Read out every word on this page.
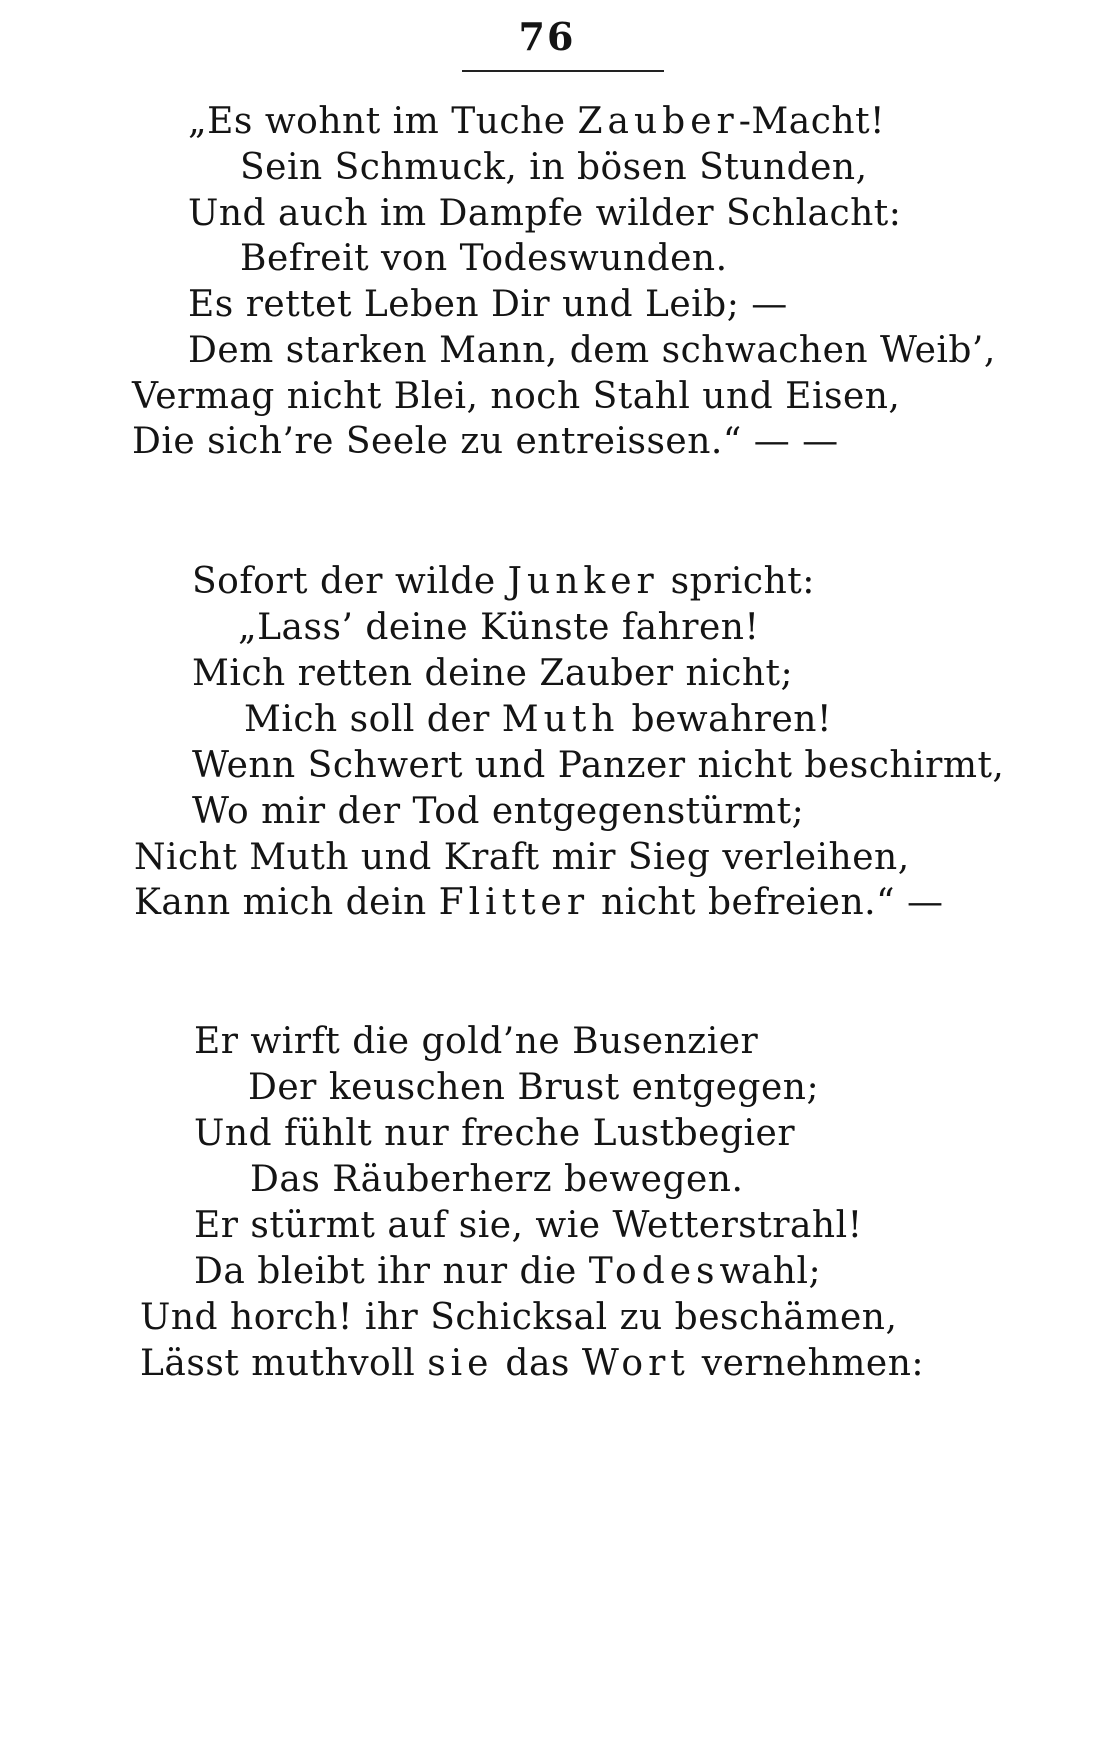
76
„Es wohnt im Tuche Zauber-Macht!
Sein Schmuck, in bösen Stunden,
Und auch im Dampfe wilder Schlacht:
Befreit von Todeswunden.
Es rettet Leben Dir und Leib; —
Dem starken Mann, dem schwachen Weib’,
Vermag nicht Blei, noch Stahl und Eisen,
Die sich’re Seele zu entreissen.“ — —
Sofort der wilde Junker spricht:
„Lass’ deine Künste fahren!
Mich retten deine Zauber nicht;
Mich soll der Muth bewahren!
Wenn Schwert und Panzer nicht beschirmt,
Wo mir der Tod entgegenstürmt;
Nicht Muth und Kraft mir Sieg verleihen,
Kann mich dein Flitter nicht befreien.“ —
Er wirft die gold’ne Busenzier
Der keuschen Brust entgegen;
Und fühlt nur freche Lustbegier
Das Räuberherz bewegen.
Er stürmt auf sie, wie Wetterstrahl!
Da bleibt ihr nur die Todeswahl;
Und horch! ihr Schicksal zu beschämen,
Lässt muthvoll sie das Wort vernehmen:
